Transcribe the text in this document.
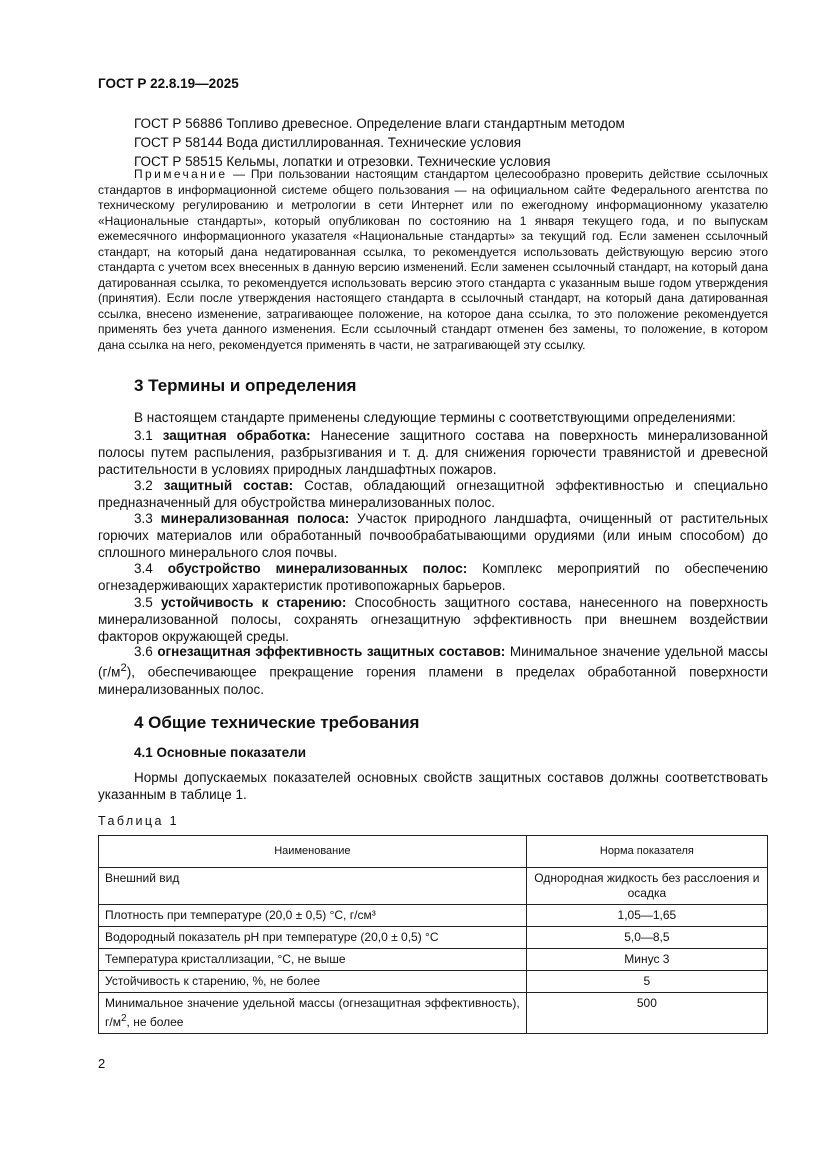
ГОСТ Р 22.8.19—2025
ГОСТ Р 56886 Топливо древесное. Определение влаги стандартным методом
ГОСТ Р 58144 Вода дистиллированная. Технические условия
ГОСТ Р 58515 Кельмы, лопатки и отрезовки. Технические условия

Примечание — При пользовании настоящим стандартом целесообразно проверить действие ссылочных стандартов в информационной системе общего пользования — на официальном сайте Федерального агентства по техническому регулированию и метрологии в сети Интернет или по ежегодному информационному указателю «Национальные стандарты», который опубликован по состоянию на 1 января текущего года, и по выпускам ежемесячного информационного указателя «Национальные стандарты» за текущий год. Если заменен ссылочный стандарт, на который дана недатированная ссылка, то рекомендуется использовать действующую версию этого стандарта с учетом всех внесенных в данную версию изменений. Если заменен ссылочный стандарт, на который дана датированная ссылка, то рекомендуется использовать версию этого стандарта с указанным выше годом утверждения (принятия). Если после утверждения настоящего стандарта в ссылочный стандарт, на который дана датированная ссылка, внесено изменение, затрагивающее положение, на которое дана ссылка, то это положение рекомендуется применять без учета данного изменения. Если ссылочный стандарт отменен без замены, то положение, в котором дана ссылка на него, рекомендуется применять в части, не затрагивающей эту ссылку.

3 Термины и определения

В настоящем стандарте применены следующие термины с соответствующими определениями:

3.1 защитная обработка: Нанесение защитного состава на поверхность минерализованной полосы путем распыления, разбрызгивания и т. д. для снижения горючести травянистой и древесной растительности в условиях природных ландшафтных пожаров.

3.2 защитный состав: Состав, обладающий огнезащитной эффективностью и специально предназначенный для обустройства минерализованных полос.

3.3 минерализованная полоса: Участок природного ландшафта, очищенный от растительных горючих материалов или обработанный почвообрабатывающими орудиями (или иным способом) до сплошного минерального слоя почвы.

3.4 обустройство минерализованных полос: Комплекс мероприятий по обеспечению огнезадерживающих характеристик противопожарных барьеров.

3.5 устойчивость к старению: Способность защитного состава, нанесенного на поверхность минерализованной полосы, сохранять огнезащитную эффективность при внешнем воздействии факторов окружающей среды.

3.6 огнезащитная эффективность защитных составов: Минимальное значение удельной массы $(г/м^2)$, обеспечивающее прекращение горения пламени в пределах обработанной поверхности минерализованных полос.

4 Общие технические требования
4.1 Основные показатели

Нормы допускаемых показателей основных свойств защитных составов должны соответствовать указанным в таблице 1.

Таблица 1
Наименование	Норма показателя
Внешний вид	Однородная жидкость без расслоения и осадка
Плотность при температуре (20,0 ± 0,5) °С, г/см³	1,05—1,65
Водородный показатель pH при температуре (20,0 ± 0,5) °С	5,0—8,5
Температура кристаллизации, °С, не выше	Минус 3
Устойчивость к старению, %, не более	5
Минимальное значение удельной массы (огнезащитная эффективность), $г/м^2$, не более	500
2
